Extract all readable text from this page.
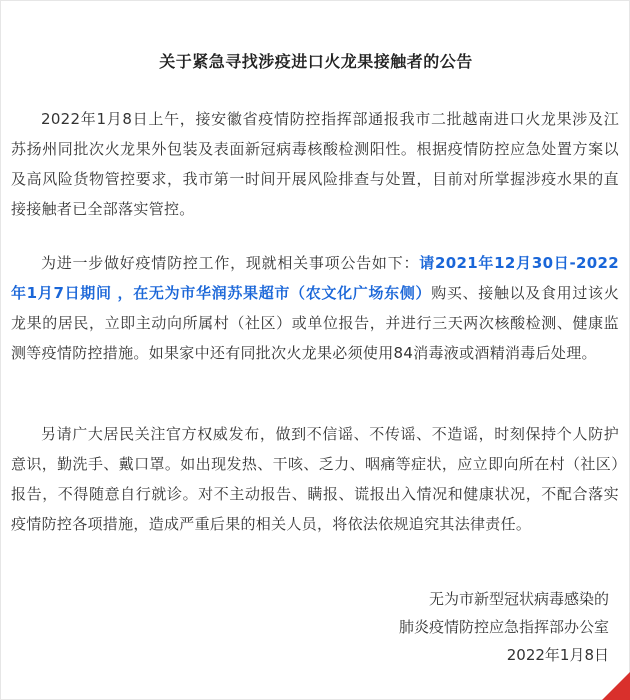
关于紧急寻找涉疫进口火龙果接触者的公告

2022年1月8日上午，接安徽省疫情防控指挥部通报我市二批越南进口火龙果涉及江苏扬州同批次火龙果外包装及表面新冠病毒核酸检测阳性。根据疫情防控应急处置方案以及高风险货物管控要求，我市第一时间开展风险排查与处置，目前对所掌握涉疫水果的直接接触者已全部落实管控。

为进一步做好疫情防控工作，现就相关事项公告如下：请2021年12月30日-2022年1月7日期间 ，在无为市华润苏果超市（农文化广场东侧）购买、接触以及食用过该火龙果的居民，立即主动向所属村（社区）或单位报告，并进行三天两次核酸检测、健康监测等疫情防控措施。如果家中还有同批次火龙果必须使用84消毒液或酒精消毒后处理。

另请广大居民关注官方权威发布，做到不信谣、不传谣、不造谣，时刻保持个人防护意识，勤洗手、戴口罩。如出现发热、干咳、乏力、咽痛等症状，应立即向所在村（社区）报告，不得随意自行就诊。对不主动报告、瞒报、谎报出入情况和健康状况，不配合落实疫情防控各项措施，造成严重后果的相关人员，将依法依规追究其法律责任。

无为市新型冠状病毒感染的
肺炎疫情防控应急指挥部办公室
2022年1月8日
